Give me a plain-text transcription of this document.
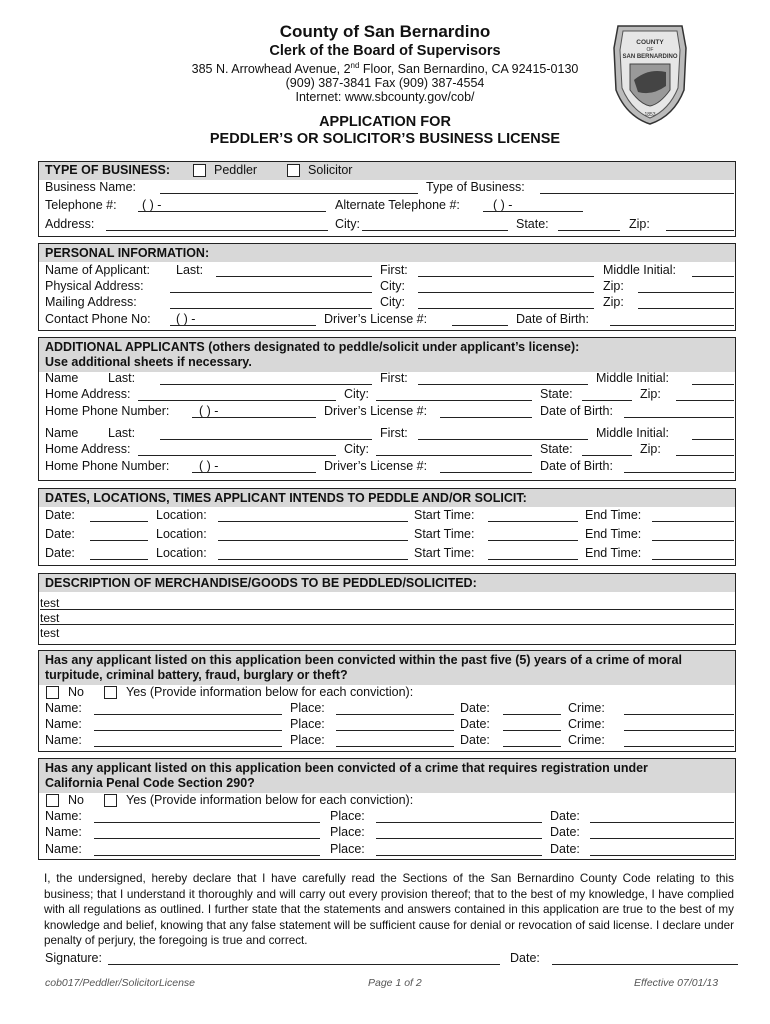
County of San Bernardino
Clerk of the Board of Supervisors
385 N. Arrowhead Avenue, 2nd Floor, San Bernardino, CA 92415-0130
(909) 387-3841 Fax (909) 387-4554
Internet: www.sbcounty.gov/cob/
APPLICATION FOR
PEDDLER’S OR SOLICITOR’S BUSINESS LICENSE
COUNTY
OF
SAN BERNARDINO
1853
TYPE OF BUSINESS:	Peddler	Solicitor
Business Name:	Type of Business:
Telephone #: ( ) -	Alternate Telephone #:	( ) -
Address:	City:	State:	Zip:
PERSONAL INFORMATION:
Name of Applicant: Last:	First:	Middle Initial:
Physical Address:	City:	Zip:
Mailing Address:	City:	Zip:
Contact Phone No: ( ) -	Driver’s License #:	Date of Birth:
ADDITIONAL APPLICANTS (others designated to peddle/solicit under applicant’s license):
Use additional sheets if necessary.
Name Last:	First:	Middle Initial:
Home Address:	City:	State:	Zip:
Home Phone Number: ( ) -	Driver’s License #:	Date of Birth:
Name Last:	First:	Middle Initial:
Home Address:	City:	State:	Zip:
Home Phone Number: ( ) -	Driver’s License #:	Date of Birth:
DATES, LOCATIONS, TIMES APPLICANT INTENDS TO PEDDLE AND/OR SOLICIT:
Date:	Location:	Start Time:	End Time:
Date:	Location:	Start Time:	End Time:
Date:	Location:	Start Time:	End Time:
DESCRIPTION OF MERCHANDISE/GOODS TO BE PEDDLED/SOLICITED:
test
test
test
Has any applicant listed on this application been convicted within the past five (5) years of a crime of moral
turpitude, criminal battery, fraud, burglary or theft?
No	Yes (Provide information below for each conviction):
Name:	Place:	Date:	Crime:
Name:	Place:	Date:	Crime:
Name:	Place:	Date:	Crime:
Has any applicant listed on this application been convicted of a crime that requires registration under
California Penal Code Section 290?
No	Yes (Provide information below for each conviction):
Name:	Place:	Date:
Name:	Place:	Date:
Name:	Place:	Date:
I, the undersigned, hereby declare that I have carefully read the Sections of the San Bernardino County Code relating to this business; that I understand it thoroughly and will carry out every provision thereof; that to the best of my knowledge, I have complied with all regulations as outlined. I further state that the statements and answers contained in this application are true to the best of my knowledge and belief, knowing that any false statement will be sufficient cause for denial or revocation of said license. I declare under penalty of perjury, the foregoing is true and correct.
Signature:	Date:
cob017/Peddler/SolicitorLicense	Page 1 of 2	Effective 07/01/13
